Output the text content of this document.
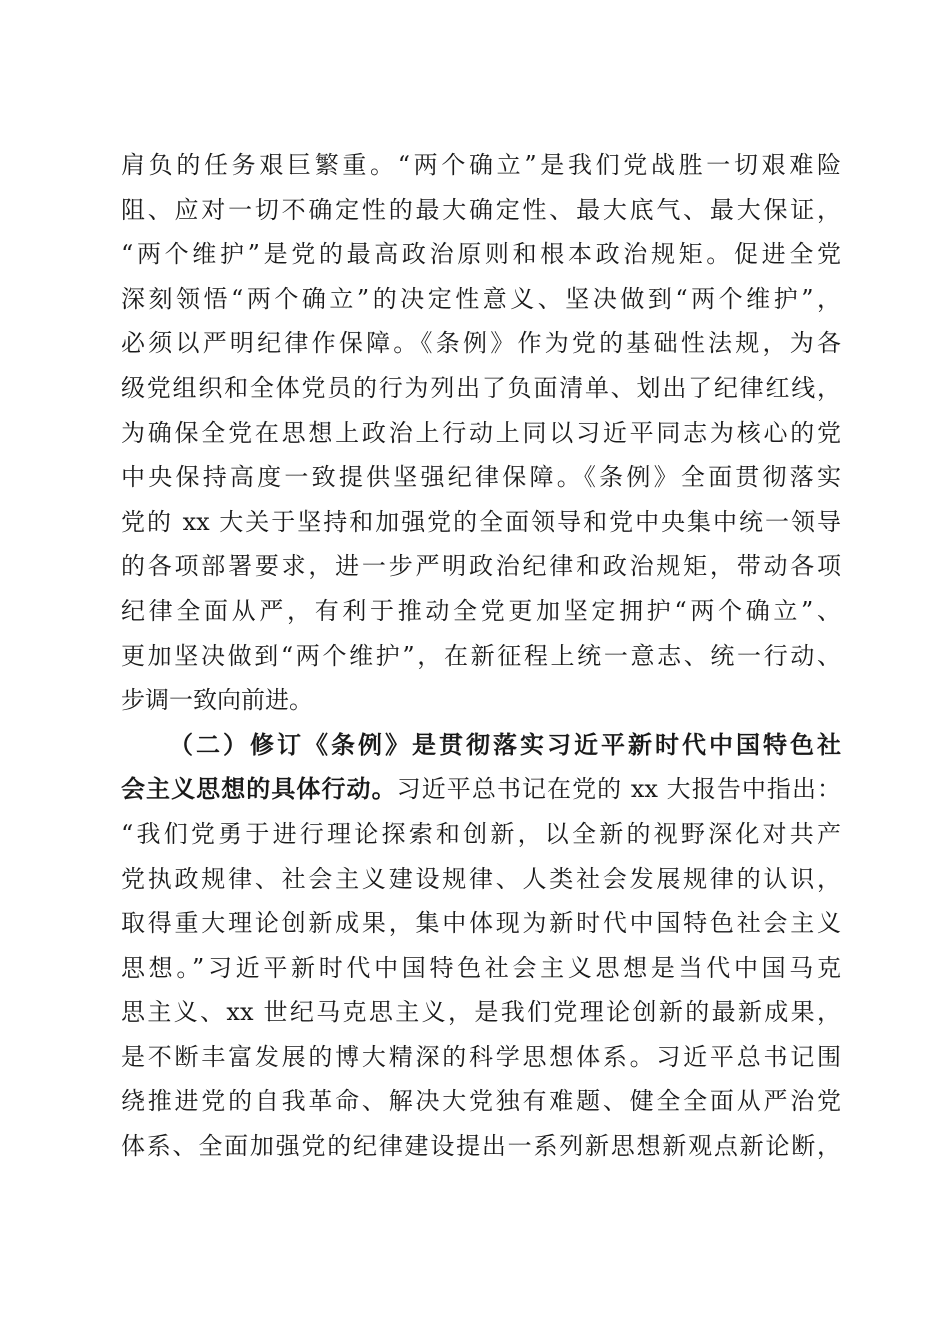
肩负的任务艰巨繁重。“两个确立”是我们党战胜一切艰难险
阻、应对一切不确定性的最大确定性、最大底气、最大保证，
“两个维护”是党的最高政治原则和根本政治规矩。促进全党
深刻领悟“两个确立”的决定性意义、坚决做到“两个维护”，
必须以严明纪律作保障。《条例》作为党的基础性法规，为各
级党组织和全体党员的行为列出了负面清单、划出了纪律红线，
为确保全党在思想上政治上行动上同以习近平同志为核心的党
中央保持高度一致提供坚强纪律保障。《条例》全面贯彻落实
党的 xx 大关于坚持和加强党的全面领导和党中央集中统一领导
的各项部署要求，进一步严明政治纪律和政治规矩，带动各项
纪律全面从严，有利于推动全党更加坚定拥护“两个确立”、
更加坚决做到“两个维护”，在新征程上统一意志、统一行动、
步调一致向前进。
（二）修订《条例》是贯彻落实习近平新时代中国特色社
会主义思想的具体行动。习近平总书记在党的 xx 大报告中指出：
“我们党勇于进行理论探索和创新，以全新的视野深化对共产
党执政规律、社会主义建设规律、人类社会发展规律的认识，
取得重大理论创新成果，集中体现为新时代中国特色社会主义
思想。”习近平新时代中国特色社会主义思想是当代中国马克
思主义、xx 世纪马克思主义，是我们党理论创新的最新成果，
是不断丰富发展的博大精深的科学思想体系。习近平总书记围
绕推进党的自我革命、解决大党独有难题、健全全面从严治党
体系、全面加强党的纪律建设提出一系列新思想新观点新论断，
